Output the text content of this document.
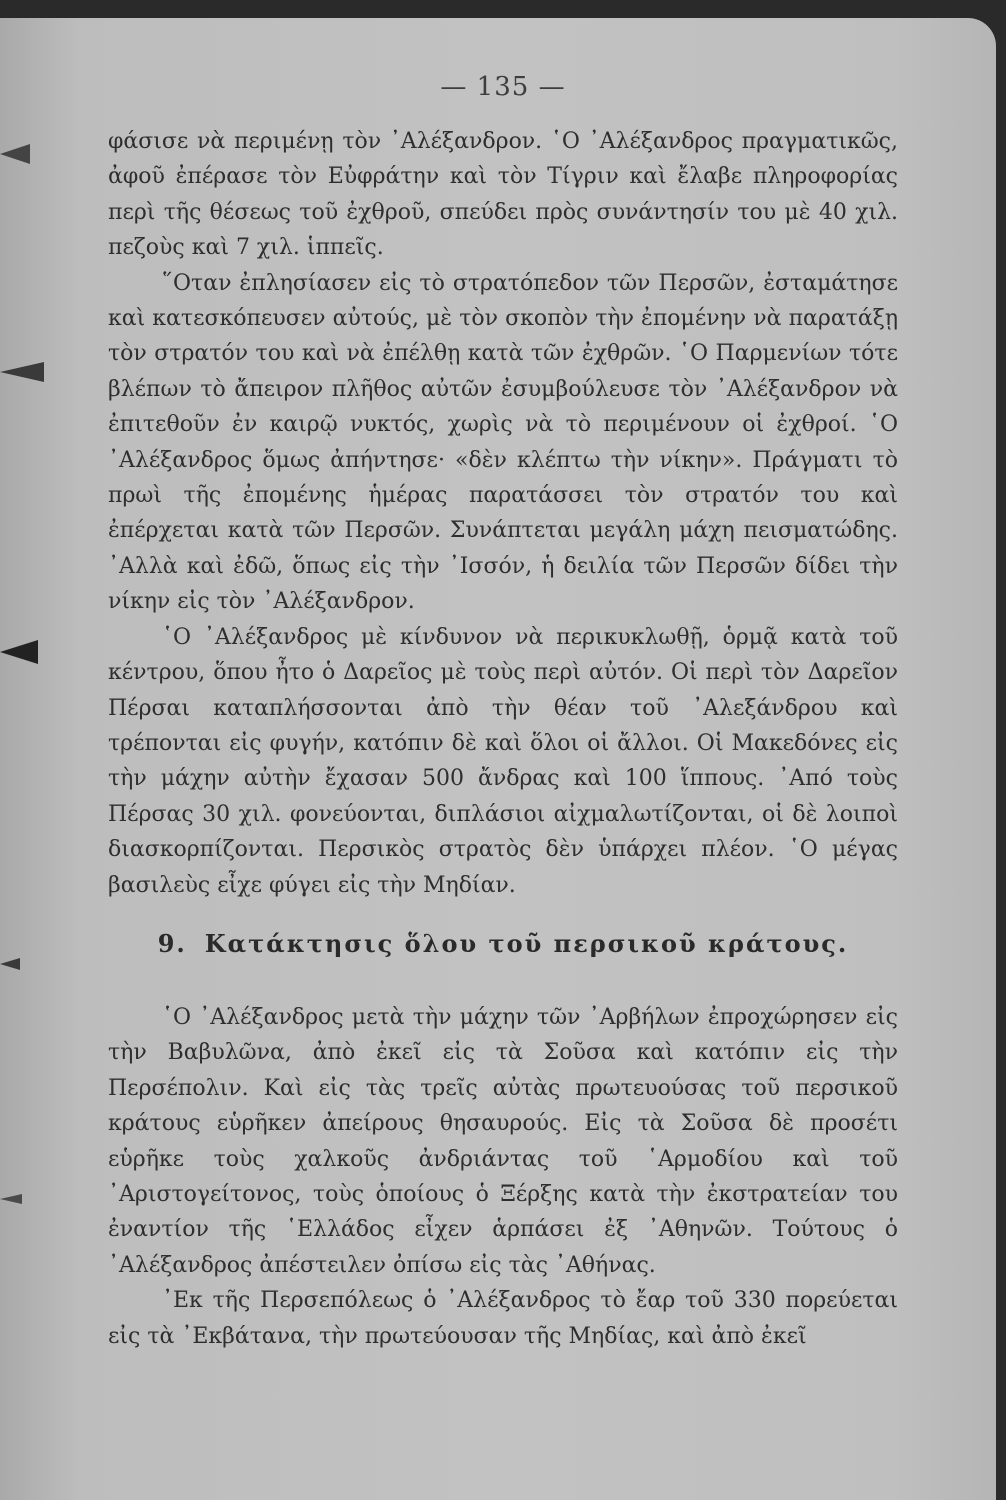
— 135 —

φάσισε νὰ περιμένῃ τὸν ᾿Αλέξανδρον. ῾Ο ᾿Αλέξανδρος πραγματικῶς, ἀφοῦ ἐπέρασε τὸν Εὐφράτην καὶ τὸν Τίγριν καὶ ἔλαβε πληροφορίας περὶ τῆς θέσεως τοῦ ἐχθροῦ, σπεύδει πρὸς συνάντησίν του μὲ 40 χιλ. πεζοὺς καὶ 7 χιλ. ἱππεῖς.

῞Οταν ἐπλησίασεν εἰς τὸ στρατόπεδον τῶν Περσῶν, ἐσταμάτησε καὶ κατεσκόπευσεν αὐτούς, μὲ τὸν σκοπὸν τὴν ἐπομένην νὰ παρατάξῃ τὸν στρατόν του καὶ νὰ ἐπέλθῃ κατὰ τῶν ἐχθρῶν. ῾Ο Παρμενίων τότε βλέπων τὸ ἄπειρον πλῆθος αὐτῶν ἐσυμβούλευσε τὸν ᾿Αλέξανδρον νὰ ἐπιτεθοῦν ἐν καιρῷ νυκτός, χωρὶς νὰ τὸ περιμένουν οἱ ἐχθροί. ῾Ο ᾿Αλέξανδρος ὅμως ἀπήντησε· «δὲν κλέπτω τὴν νίκην». Πράγματι τὸ πρωὶ τῆς ἐπομένης ἡμέρας παρατάσσει τὸν στρατόν του καὶ ἐπέρχεται κατὰ τῶν Περσῶν. Συνάπτεται μεγάλη μάχη πεισματώδης. ᾿Αλλὰ καὶ ἐδῶ, ὅπως εἰς τὴν ᾿Ισσόν, ἡ δειλία τῶν Περσῶν δίδει τὴν νίκην εἰς τὸν ᾿Αλέξανδρον.

῾Ο ᾿Αλέξανδρος μὲ κίνδυνον νὰ περικυκλωθῇ, ὁρμᾷ κατὰ τοῦ κέντρου, ὅπου ἦτο ὁ Δαρεῖος μὲ τοὺς περὶ αὐτόν. Οἱ περὶ τὸν Δαρεῖον Πέρσαι καταπλήσσονται ἀπὸ τὴν θέαν τοῦ ᾿Αλεξάνδρου καὶ τρέπονται εἰς φυγήν, κατόπιν δὲ καὶ ὅλοι οἱ ἄλλοι. Οἱ Μακεδόνες εἰς τὴν μάχην αὐτὴν ἔχασαν 500 ἄνδρας καὶ 100 ἵππους. ᾿Από τοὺς Πέρσας 30 χιλ. φονεύονται, διπλάσιοι αἰχμαλωτίζονται, οἱ δὲ λοιποὶ διασκορπίζονται. Περσικὸς στρατὸς δὲν ὑπάρχει πλέον. ῾Ο μέγας βασιλεὺς εἶχε φύγει εἰς τὴν Μηδίαν.

9. Κατάκτησις ὅλου τοῦ περσικοῦ κράτους.

῾Ο ᾿Αλέξανδρος μετὰ τὴν μάχην τῶν ᾿Αρβήλων ἐπροχώρησεν εἰς τὴν Βαβυλῶνα, ἀπὸ ἐκεῖ εἰς τὰ Σοῦσα καὶ κατόπιν εἰς τὴν Περσέπολιν. Καὶ εἰς τὰς τρεῖς αὐτὰς πρωτευούσας τοῦ περσικοῦ κράτους εὑρῆκεν ἀπείρους θησαυρούς. Εἰς τὰ Σοῦσα δὲ προσέτι εὑρῆκε τοὺς χαλκοῦς ἀνδριάντας τοῦ ῾Αρμοδίου καὶ τοῦ ᾿Αριστογείτονος, τοὺς ὁποίους ὁ Ξέρξης κατὰ τὴν ἐκστρατείαν του ἐναντίον τῆς ῾Ελλάδος εἶχεν ἁρπάσει ἐξ ᾿Αθηνῶν. Τούτους ὁ ᾿Αλέξανδρος ἀπέστειλεν ὀπίσω εἰς τὰς ᾿Αθήνας.

᾿Εκ τῆς Περσεπόλεως ὁ ᾿Αλέξανδρος τὸ ἔαρ τοῦ 330 πορεύεται εἰς τὰ ᾿Εκβάτανα, τὴν πρωτεύουσαν τῆς Μηδίας, καὶ ἀπὸ ἐκεῖ
